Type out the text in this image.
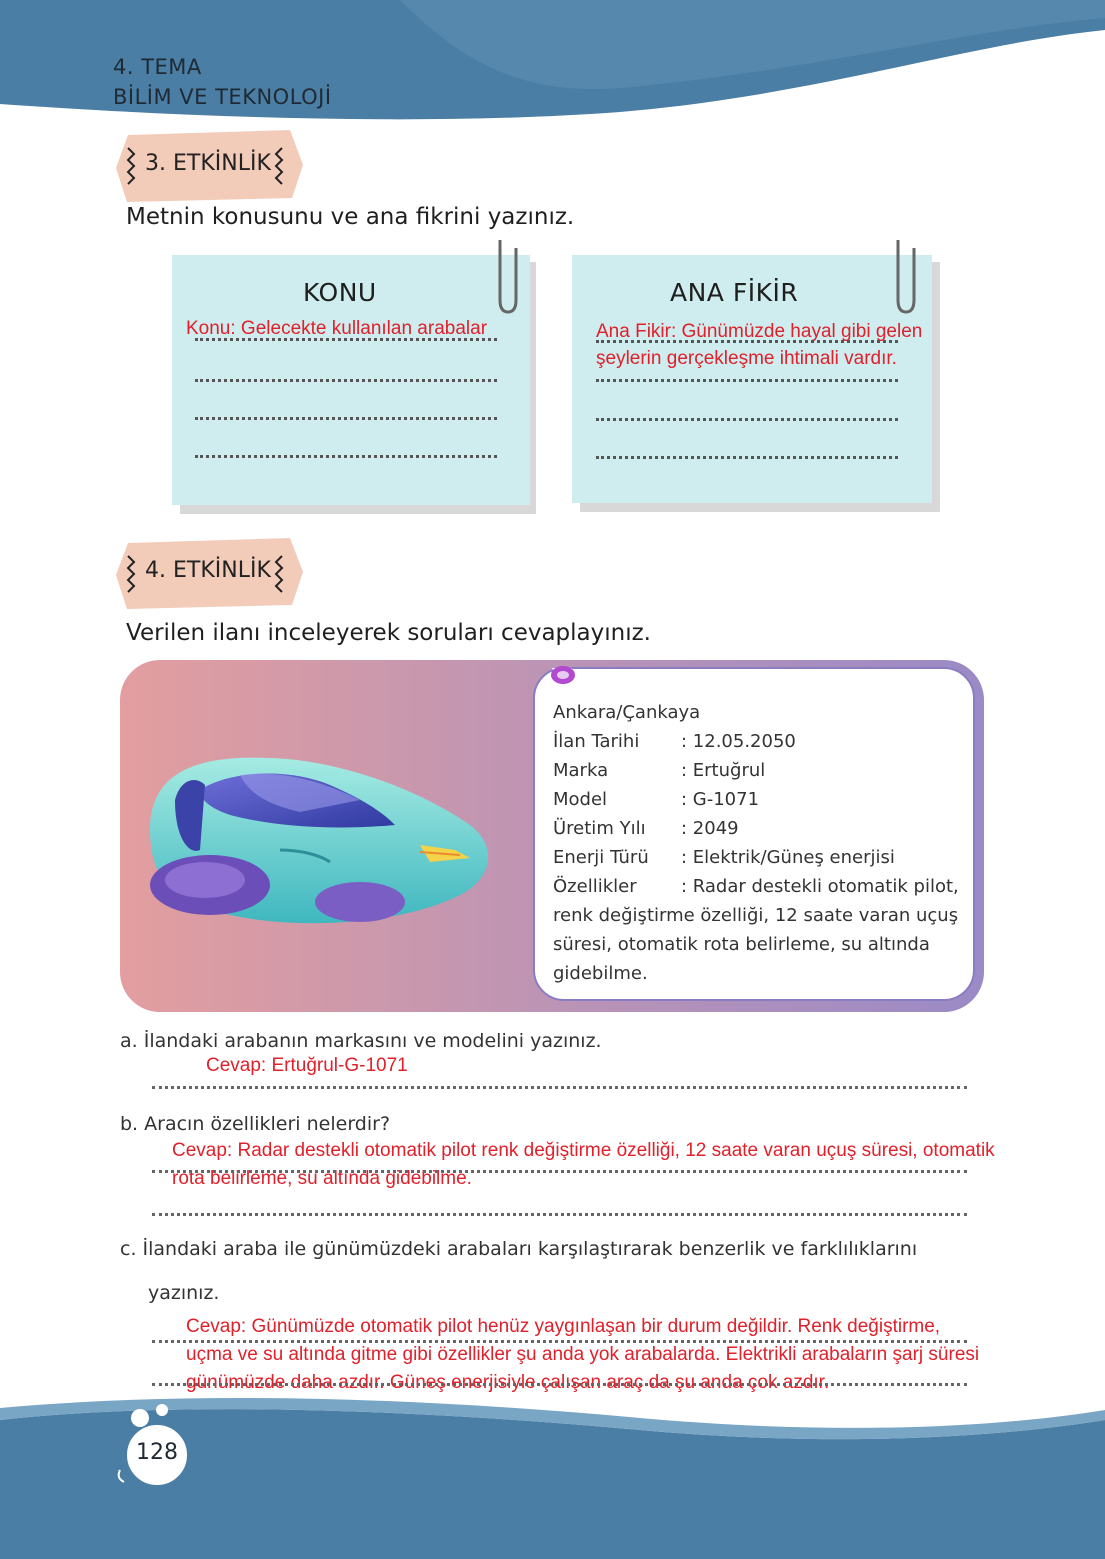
4. TEMA
BİLİM VE TEKNOLOJİ
3. ETKİNLİK
Metnin konusunu ve ana fikrini yazınız.
KONU
Konu: Gelecekte kullanılan arabalar
ANA FİKİR
Ana Fikir: Günümüzde hayal gibi gelen
şeylerin gerçekleşme ihtimali vardır.
4. ETKİNLİK
Verilen ilanı inceleyerek soruları cevaplayınız.
Ankara/Çankaya
İlan Tarihi : 12.05.2050
Marka	: Ertuğrul
Model	: G-1071
Üretim Yılı : 2049
Enerji Türü : Elektrik/Güneş enerjisi
Özellikler : Radar destekli otomatik pilot,
renk değiştirme özelliği, 12 saate varan uçuş
süresi, otomatik rota belirleme, su altında
gidebilme.
a. İlandaki arabanın markasını ve modelini yazınız.
Cevap: Ertuğrul-G-1071
b. Aracın özellikleri nelerdir?
Cevap: Radar destekli otomatik pilot renk değiştirme özelliği, 12 saate varan uçuş süresi, otomatik
rota belirleme, su altında gidebilme.
c. İlandaki araba ile günümüzdeki arabaları karşılaştırarak benzerlik ve farklılıklarını
yazınız.
Cevap: Günümüzde otomatik pilot henüz yaygınlaşan bir durum değildir. Renk değiştirme,
uçma ve su altında gitme gibi özellikler şu anda yok arabalarda. Elektrikli arabaların şarj süresi
günümüzde daha azdır. Güneş enerjisiyle çalışan araç da şu anda çok azdır.
128
